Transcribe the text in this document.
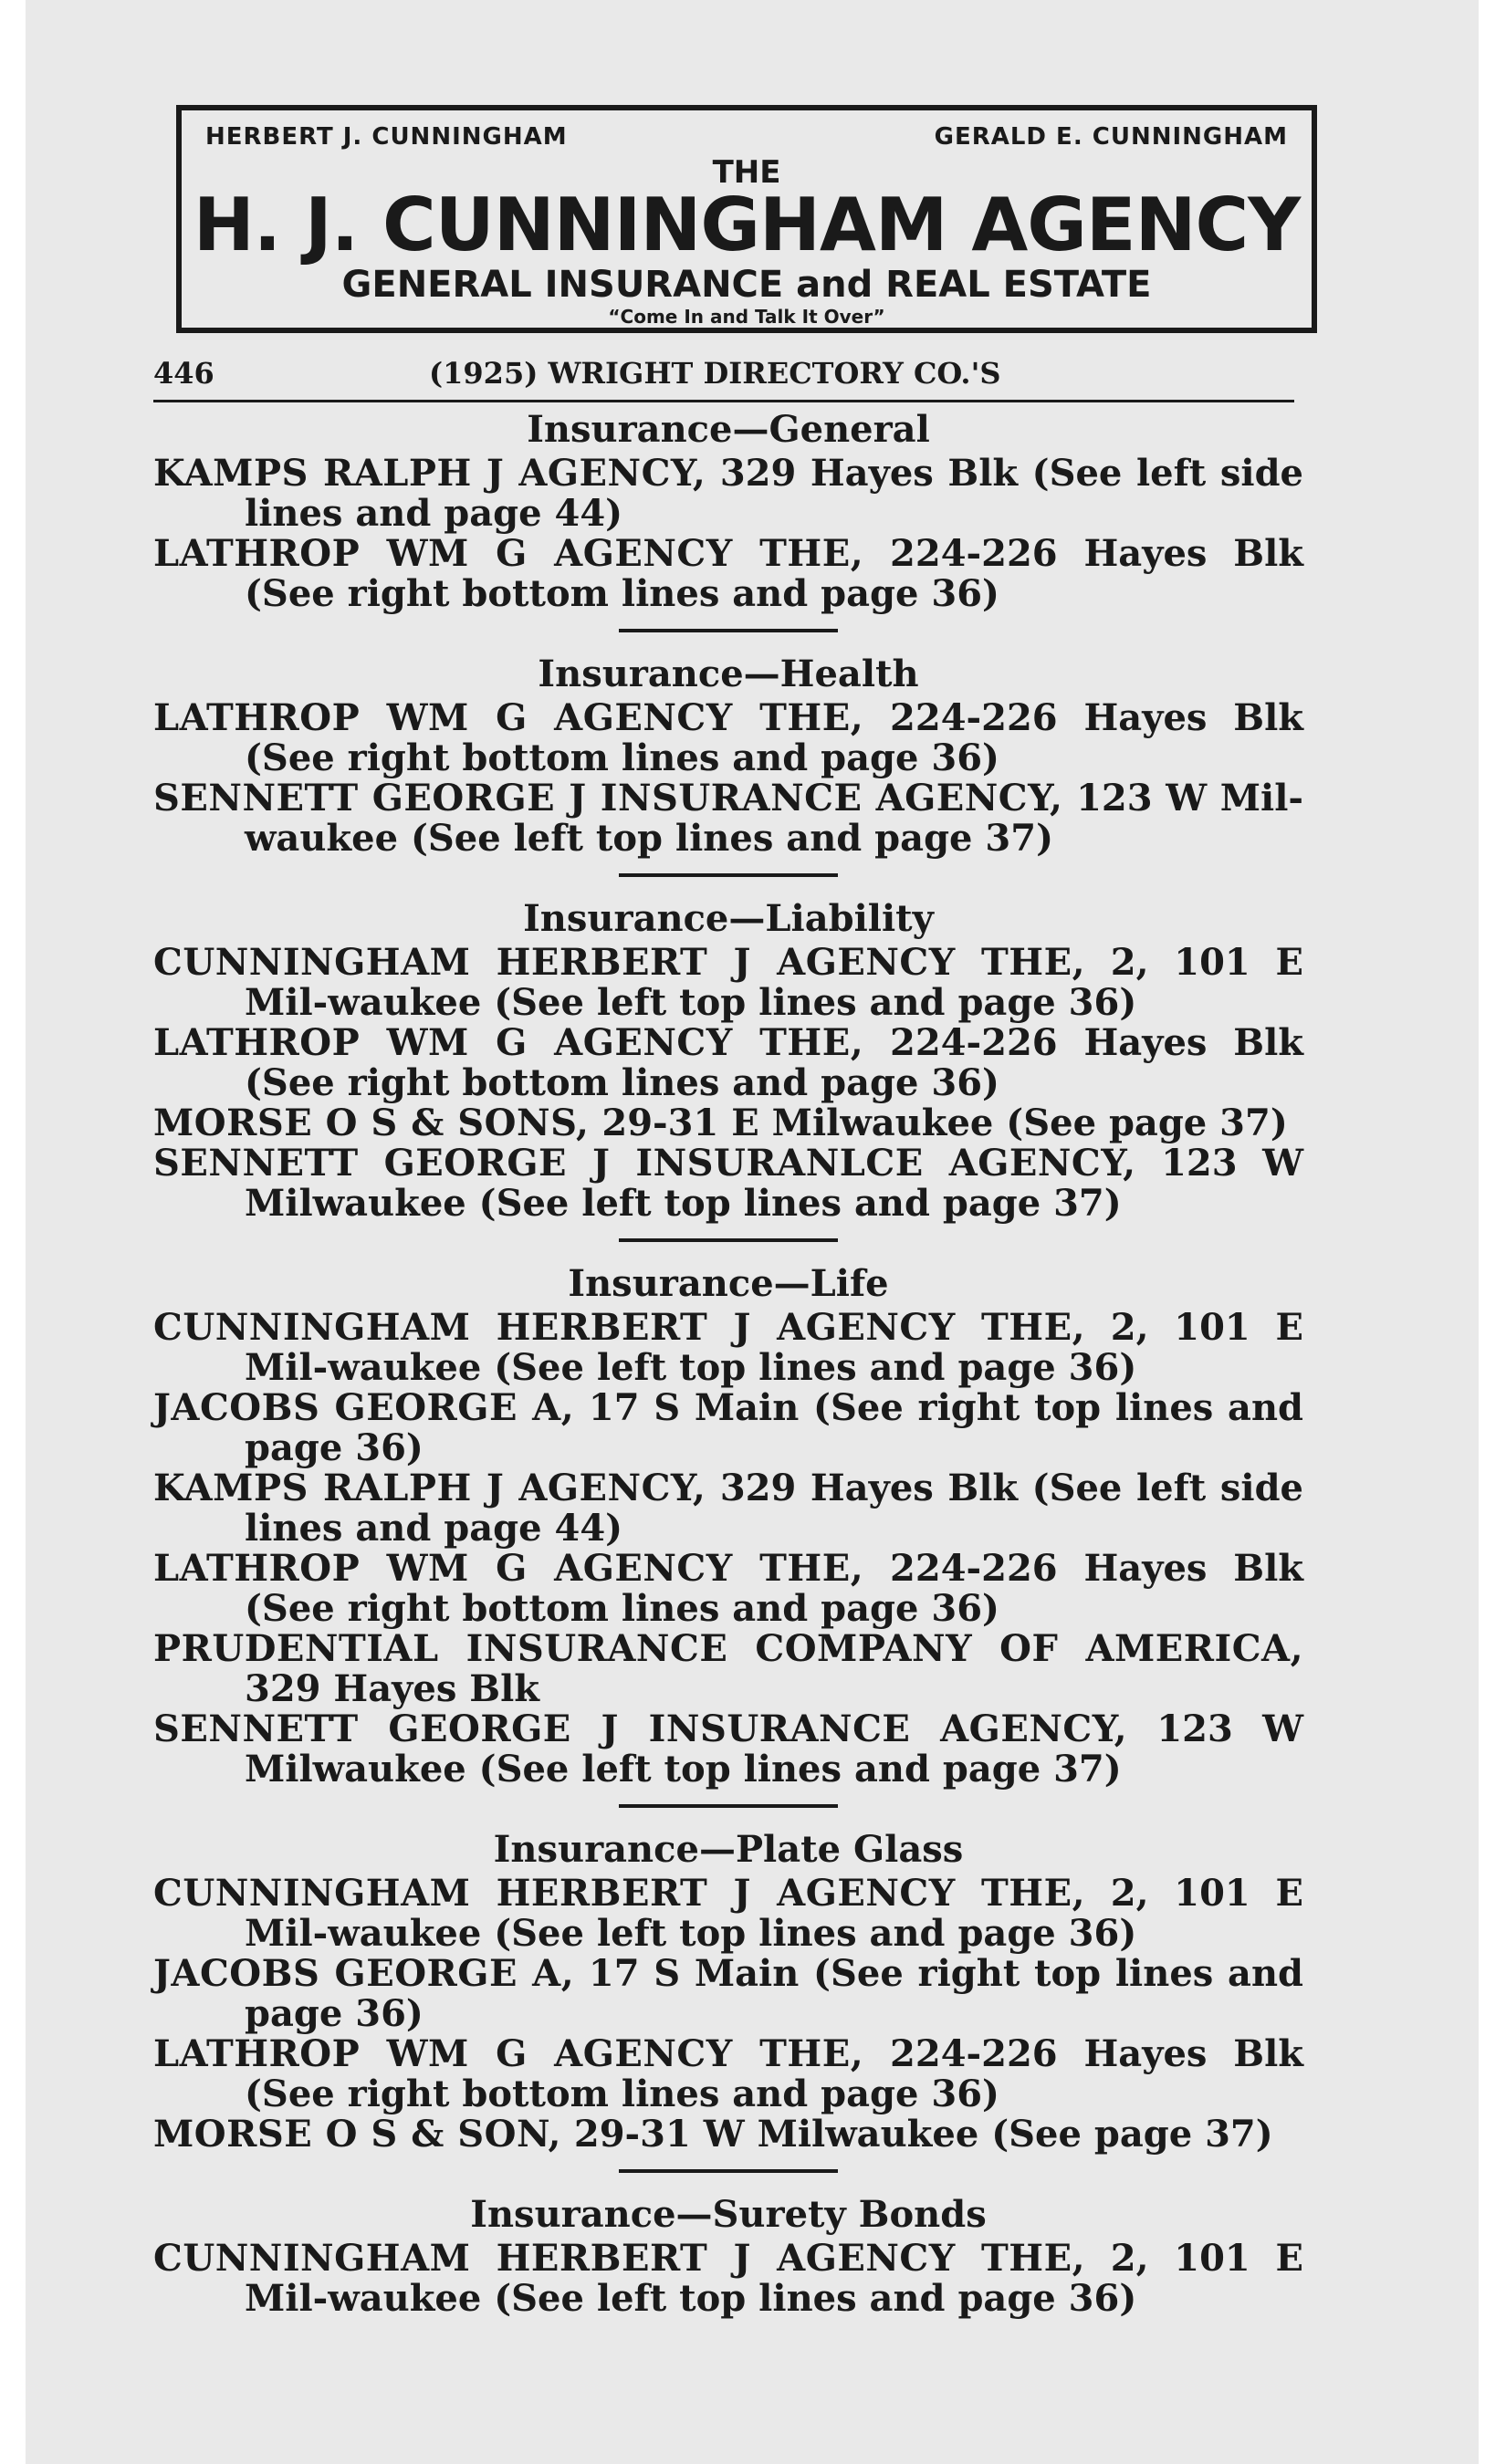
HERBERT J. CUNNINGHAM	GERALD E. CUNNINGHAM
THE
H. J. CUNNINGHAM AGENCY
GENERAL INSURANCE and REAL ESTATE
“Come In and Talk It Over”
446	(1925) WRIGHT DIRECTORY CO.'S
Insurance—General
KAMPS RALPH J AGENCY, 329 Hayes Blk (See left side lines and page 44)
LATHROP WM G AGENCY THE, 224-226 Hayes Blk (See right bottom lines and page 36)
Insurance—Health
LATHROP WM G AGENCY THE, 224-226 Hayes Blk (See right bottom lines and page 36)
SENNETT GEORGE J INSURANCE AGENCY, 123 W Mil-waukee (See left top lines and page 37)
Insurance—Liability
CUNNINGHAM HERBERT J AGENCY THE, 2, 101 E Mil-waukee (See left top lines and page 36)
LATHROP WM G AGENCY THE, 224-226 Hayes Blk (See right bottom lines and page 36)
MORSE O S & SONS, 29-31 E Milwaukee (See page 37)
SENNETT GEORGE J INSURANLCE AGENCY, 123 W Milwaukee (See left top lines and page 37)
Insurance—Life
CUNNINGHAM HERBERT J AGENCY THE, 2, 101 E Mil-waukee (See left top lines and page 36)
JACOBS GEORGE A, 17 S Main (See right top lines and page 36)
KAMPS RALPH J AGENCY, 329 Hayes Blk (See left side lines and page 44)
LATHROP WM G AGENCY THE, 224-226 Hayes Blk (See right bottom lines and page 36)
PRUDENTIAL INSURANCE COMPANY OF AMERICA, 329 Hayes Blk
SENNETT GEORGE J INSURANCE AGENCY, 123 W Milwaukee (See left top lines and page 37)
Insurance—Plate Glass
CUNNINGHAM HERBERT J AGENCY THE, 2, 101 E Mil-waukee (See left top lines and page 36)
JACOBS GEORGE A, 17 S Main (See right top lines and page 36)
LATHROP WM G AGENCY THE, 224-226 Hayes Blk (See right bottom lines and page 36)
MORSE O S & SON, 29-31 W Milwaukee (See page 37)
Insurance—Surety Bonds
CUNNINGHAM HERBERT J AGENCY THE, 2, 101 E Mil-waukee (See left top lines and page 36)
